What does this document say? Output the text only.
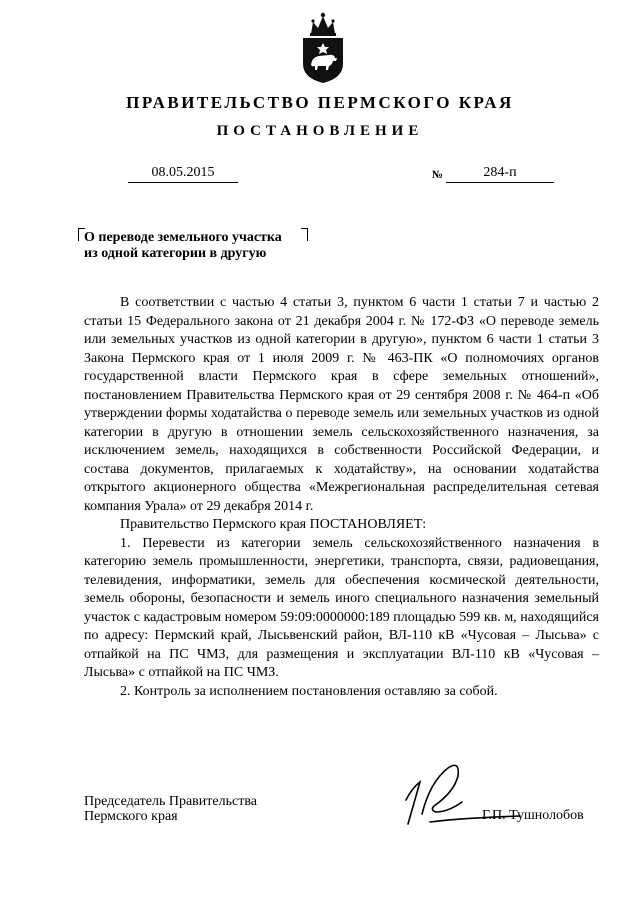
ПРАВИТЕЛЬСТВО ПЕРМСКОГО КРАЯ
ПОСТАНОВЛЕНИЕ
08.05.2015	№	284-п
О переводе земельного участка
из одной категории в другую

В соответствии с частью 4 статьи 3, пунктом 6 части 1 статьи 7 и частью 2 статьи 15 Федерального закона от 21 декабря 2004 г. № 172-ФЗ «О переводе земель или земельных участков из одной категории в другую», пунктом 6 части 1 статьи 3 Закона Пермского края от 1 июля 2009 г. № 463-ПК «О полномочиях органов государственной власти Пермского края в сфере земельных отношений», постановлением Правительства Пермского края от 29 сентября 2008 г. № 464-п «Об утверждении формы ходатайства о переводе земель или земельных участков из одной категории в другую в отношении земель сельскохозяйственного назначения, за исключением земель, находящихся в собственности Российской Федерации, и состава документов, прилагаемых к ходатайству», на основании ходатайства открытого акционерного общества «Межрегиональная распределительная сетевая компания Урала» от 29 декабря 2014 г.

Правительство Пермского края ПОСТАНОВЛЯЕТ:

1. Перевести из категории земель сельскохозяйственного назначения в категорию земель промышленности, энергетики, транспорта, связи, радиовещания, телевидения, информатики, земель для обеспечения космической деятельности, земель обороны, безопасности и земель иного специального назначения земельный участок с кадастровым номером 59:09:0000000:189 площадью 599 кв. м, находящийся по адресу: Пермский край, Лысьвенский район, ВЛ-110 кВ «Чусовая – Лысьва» с отпайкой на ПС ЧМЗ, для размещения и эксплуатации ВЛ-110 кВ «Чусовая – Лысьва» с отпайкой на ПС ЧМЗ.

2. Контроль за исполнением постановления оставляю за собой.

Председатель Правительства
Пермского края	Г.П. Тушнолобов
